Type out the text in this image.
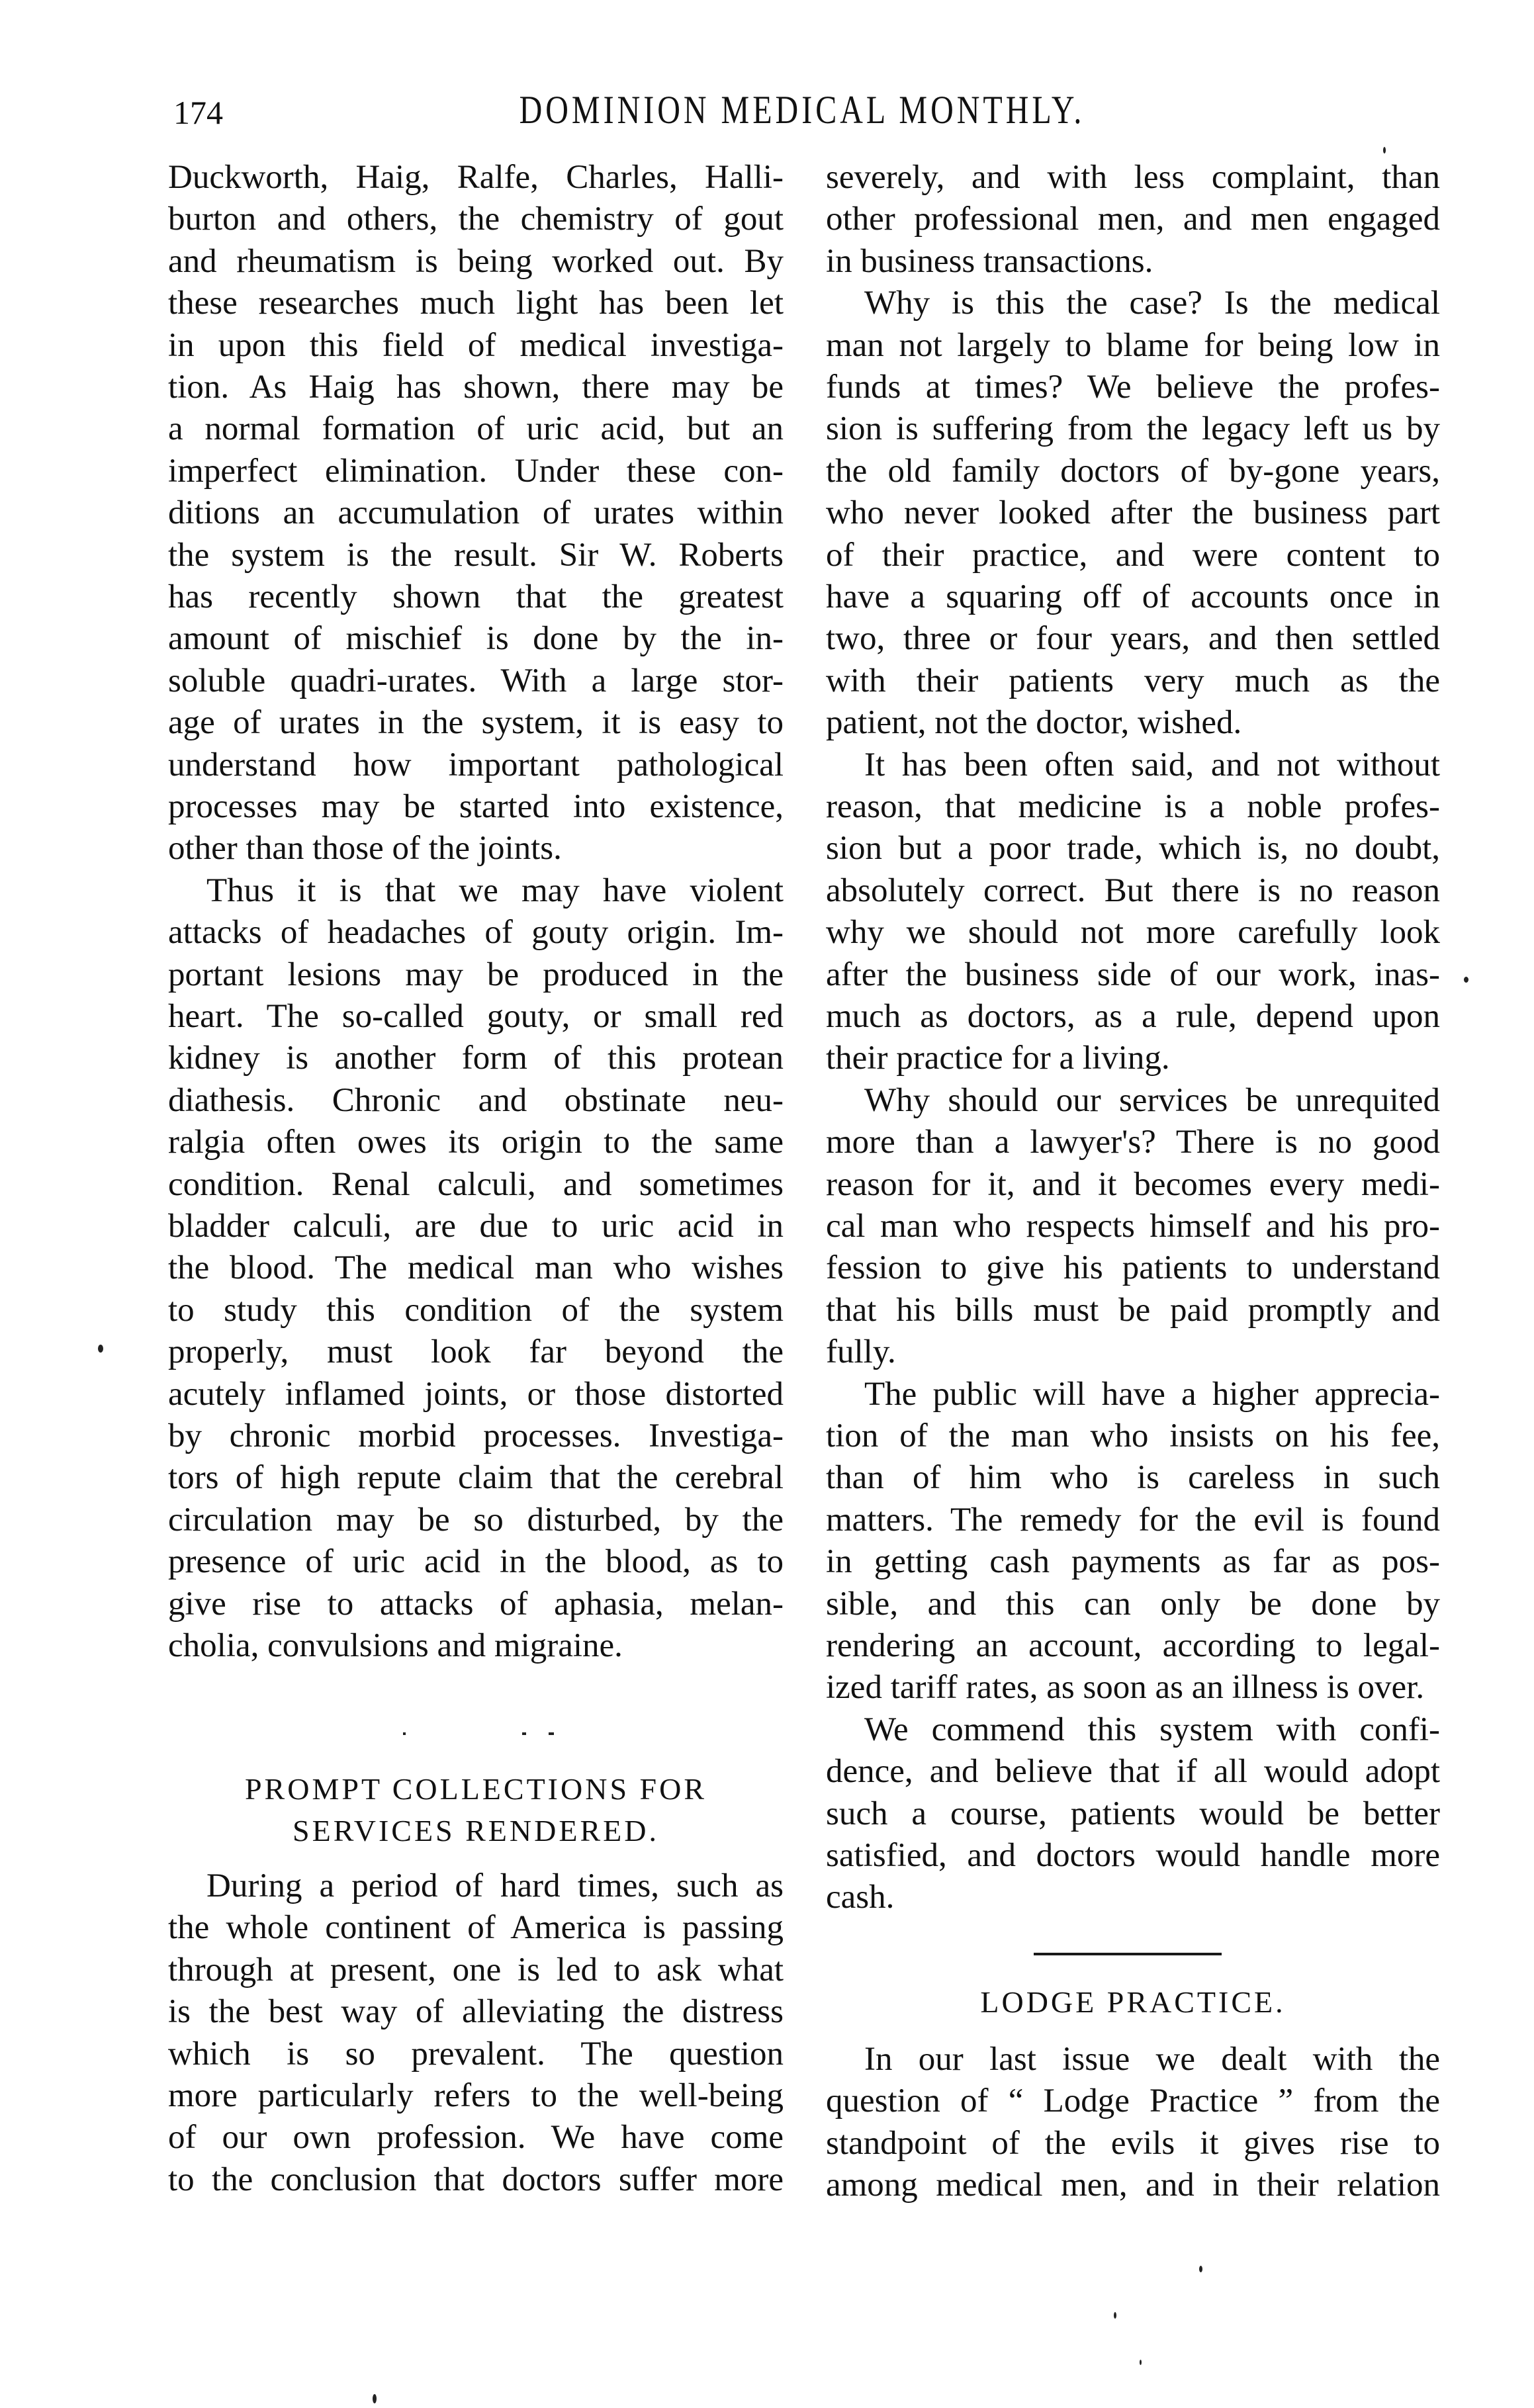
174	DOMINION MEDICAL MONTHLY.
Duckworth, Haig, Ralfe, Charles, Halli-
burton and others, the chemistry of gout
and rheumatism is being worked out. By
these researches much light has been let
in upon this field of medical investiga-
tion. As Haig has shown, there may be
a normal formation of uric acid, but an
imperfect elimination. Under these con-
ditions an accumulation of urates within
the system is the result. Sir W. Roberts
has recently shown that the greatest
amount of mischief is done by the in-
soluble quadri-urates. With a large stor-
age of urates in the system, it is easy to
understand how important pathological
processes may be started into existence,
other than those of the joints.
Thus it is that we may have violent
attacks of headaches of gouty origin. Im-
portant lesions may be produced in the
heart. The so-called gouty, or small red
kidney is another form of this protean
diathesis. Chronic and obstinate neu-
ralgia often owes its origin to the same
condition. Renal calculi, and sometimes
bladder calculi, are due to uric acid in
the blood. The medical man who wishes
to study this condition of the system
properly, must look far beyond the
acutely inflamed joints, or those distorted
by chronic morbid processes. Investiga-
tors of high repute claim that the cerebral
circulation may be so disturbed, by the
presence of uric acid in the blood, as to
give rise to attacks of aphasia, melan-
cholia, convulsions and migraine.
PROMPT COLLECTIONS FOR
SERVICES RENDERED.
During a period of hard times, such as
the whole continent of America is passing
through at present, one is led to ask what
is the best way of alleviating the distress
which is so prevalent. The question
more particularly refers to the well-being
of our own profession. We have come
to the conclusion that doctors suffer more
severely, and with less complaint, than
other professional men, and men engaged
in business transactions.
Why is this the case? Is the medical
man not largely to blame for being low in
funds at times? We believe the profes-
sion is suffering from the legacy left us by
the old family doctors of by-gone years,
who never looked after the business part
of their practice, and were content to
have a squaring off of accounts once in
two, three or four years, and then settled
with their patients very much as the
patient, not the doctor, wished.
It has been often said, and not without
reason, that medicine is a noble profes-
sion but a poor trade, which is, no doubt,
absolutely correct. But there is no reason
why we should not more carefully look
after the business side of our work, inas-
much as doctors, as a rule, depend upon
their practice for a living.
Why should our services be unrequited
more than a lawyer's? There is no good
reason for it, and it becomes every medi-
cal man who respects himself and his pro-
fession to give his patients to understand
that his bills must be paid promptly and
fully.
The public will have a higher apprecia-
tion of the man who insists on his fee,
than of him who is careless in such
matters. The remedy for the evil is found
in getting cash payments as far as pos-
sible, and this can only be done by
rendering an account, according to legal-
ized tariff rates, as soon as an illness is over.
We commend this system with confi-
dence, and believe that if all would adopt
such a course, patients would be better
satisfied, and doctors would handle more
cash.
LODGE PRACTICE.
In our last issue we dealt with the
question of “ Lodge Practice ” from the
standpoint of the evils it gives rise to
among medical men, and in their relation
